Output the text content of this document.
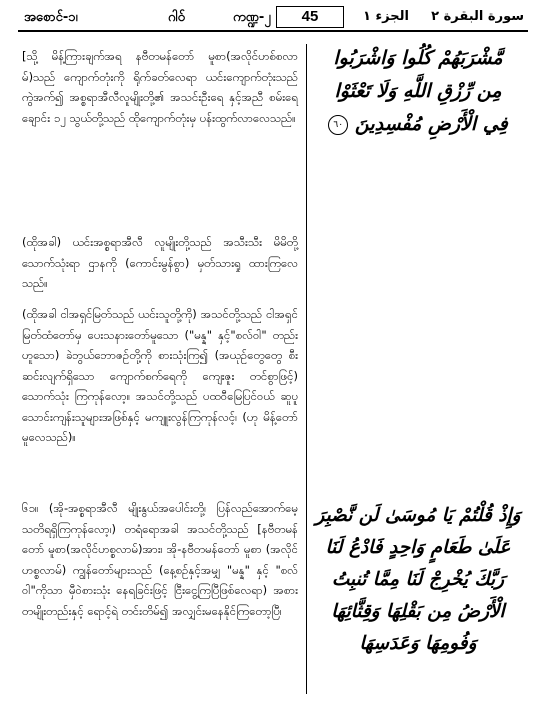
အစောင်-၁၊	ဂါဝ်	ကဏ္ဍ-၂	45	الجزء ١ سورة البقرة ٢
[သို့ မိန့်ကြားချက်အရ နဗီတမန်တော် မူစာ(အလိုင်ဟစ်စလာမ်)သည် ကျောက်တုံးကို ရိုက်ခတ်လေရာ ယင်းကျောက်တုံးသည် ကွဲအက်၍ အစ္စရာအီလီလူမျိုးတို့၏ အသင်းဦးရေ နှင့်အညီ စမ်းရေချောင်း ၁၂ သွယ်တို့သည် ထိုကျောက်တုံးမှ ပန်းထွက်လာလေသည်။
(ထိုအခါ) ယင်းအစ္စရာအီလီ လူမျိုးတို့သည် အသီးသီး မိမိတို့ သောက်သုံးရာ ဌာနကို (ကောင်းမွန်စွာ) မှတ်သားရှု ထားကြလေသည်။
(ထိုအခါ ငါအရှင်မြတ်သည် ယင်းသူတို့ကို) အသင်တို့သည် ငါအရှင်မြတ်ထံတော်မှ ပေးသနားတော်မူသော ("မန္န" နှင့်"စလ်ဝါ" တည်းဟူသော) ခဲဘွယ်ဘောဇဉ်တို့ကို စားသုံးကြ၍ (အယုဉ်တွေတွေ စီးဆင်းလျက်ရှိသော ကျောက်စက်ရေကို ကျေးဇူး တင်စွာဖြင့်) သောက်သုံး ကြကုန်လော့။ အသင်တို့သည် ပထဝီမြေပြင်ဝယ် ဆူပူ သောင်းကျန်းသူများအဖြစ်နှင့် မကျူးလွန်ကြကုန်လင့်၊ (ဟု မိန့်တော်မူလေသည်)။
၆၁။ (အို-အစ္စရာအီလီ မျိုးနွယ်အပေါင်းတို့၊ ပြန်လည်အောက်မေ့သတိရရှိကြကုန်လော့၊) တရံရောအခါ အသင်တို့သည် [နဗီတမန်တော် မူစာ(အလိုင်ဟစ္စလာမ်)အား၊ အို-နဗီတမန်တော် မူစာ (အလိုင်ဟစ္စလာမ်) ကျွန်တော်များသည် (နေ့စဉ်နှင့်အမျှ "မန္န" နှင့် "စလ်ဝါ"ကိုသာ မှီဝဲစားသုံး နေရခြင်းဖြင့် ငြီးငွေ့ကြပြီဖြစ်လေရာ) အစားတမျိုးတည်းနှင့် ရောင့်ရဲ တင်းတိမ်၍ အလျှင်းမနေနိုင်ကြတော့ပြီ၊
مَّشْرَبَهُمْ كُلُوا وَاشْرَبُوا
مِن رِّزْقِ اللَّهِ وَلَا تَعْثَوْا
فِي الْأَرْضِ مُفْسِدِينَ ٦٠
وَإِذْ قُلْتُمْ يَا مُوسَىٰ لَن نَّصْبِرَ
عَلَىٰ طَعَامٍ وَاحِدٍ فَادْعُ لَنَا
رَبَّكَ يُخْرِجْ لَنَا مِمَّا تُنبِتُ
الْأَرْضُ مِن بَقْلِهَا وَقِثَّائِهَا
وَفُومِهَا وَعَدَسِهَا
